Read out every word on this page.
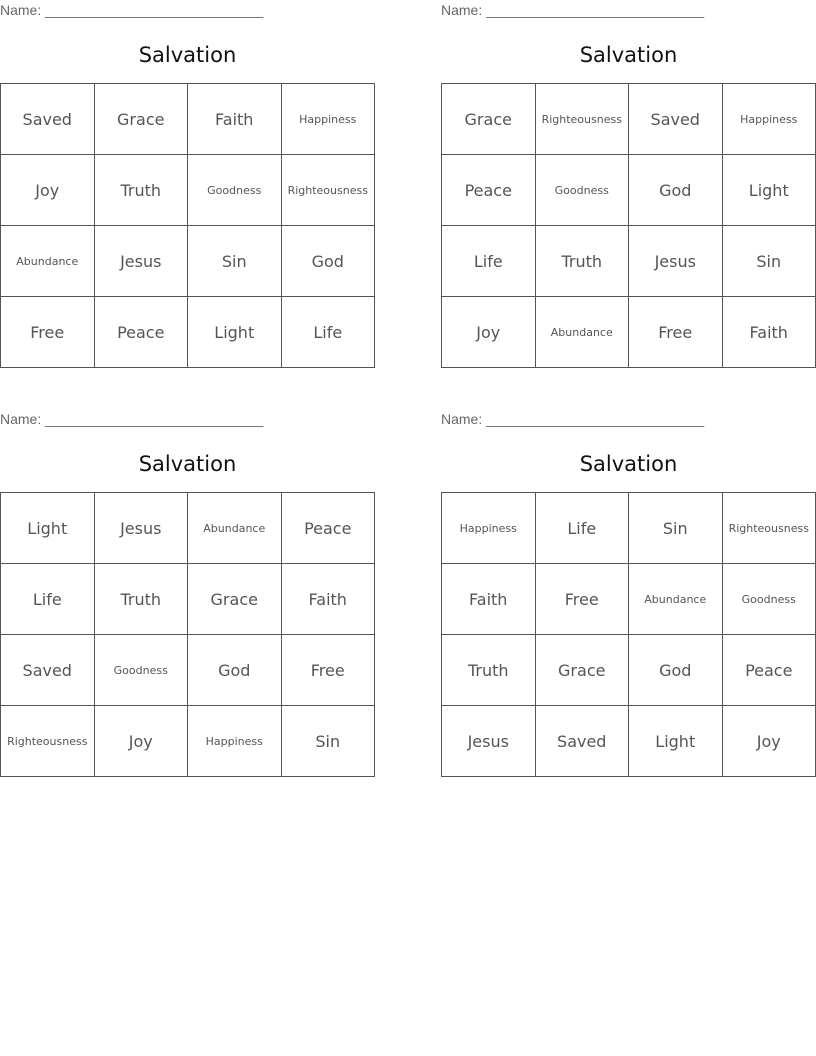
Name: ____________________________
Salvation
Saved	Grace	Faith	Happiness
Joy	Truth	Goodness	Righteousness
Abundance	Jesus	Sin	God
Free	Peace	Light	Life
Name: ____________________________
Salvation
Grace	Righteousness	Saved	Happiness
Peace	Goodness	God	Light
Life	Truth	Jesus	Sin
Joy	Abundance	Free	Faith
Name: ____________________________
Salvation
Light	Jesus	Abundance	Peace
Life	Truth	Grace	Faith
Saved	Goodness	God	Free
Righteousness	Joy	Happiness	Sin
Name: ____________________________
Salvation
Happiness	Life	Sin	Righteousness
Faith	Free	Abundance	Goodness
Truth	Grace	God	Peace
Jesus	Saved	Light	Joy
